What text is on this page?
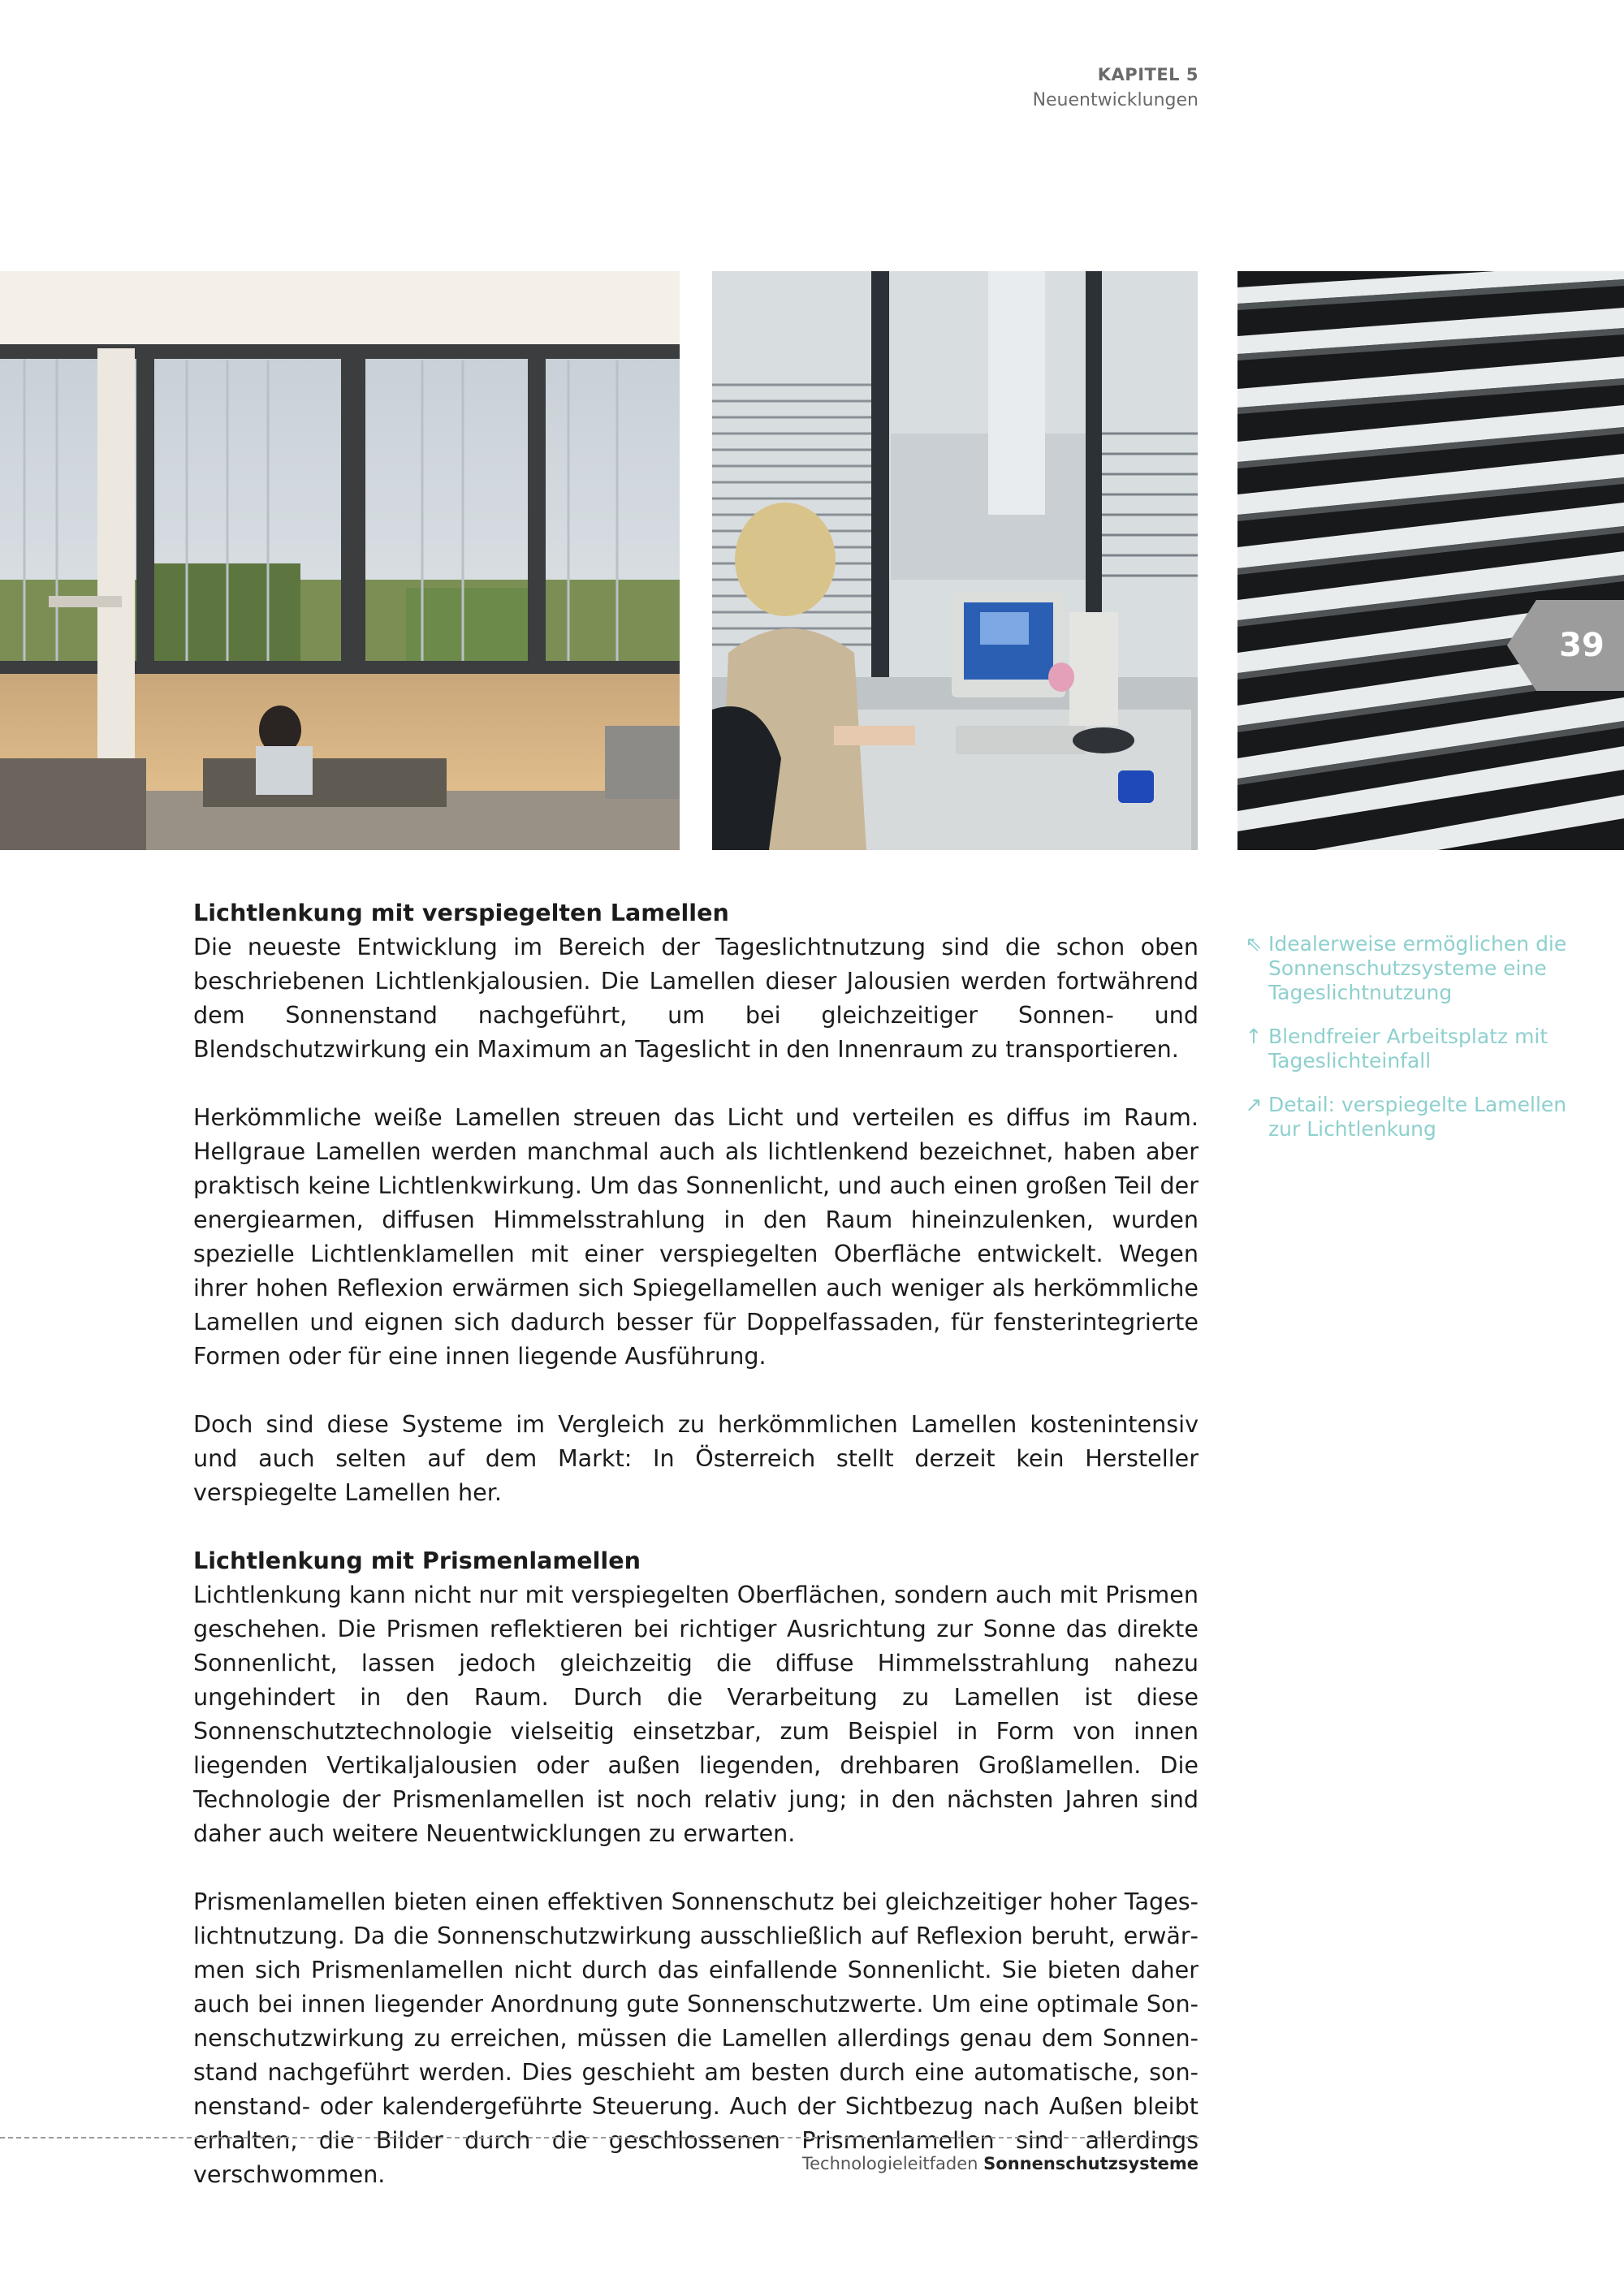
KAPITEL 5
Neuentwicklungen
39
Lichtlenkung mit verspiegelten Lamellen

Die neueste Entwicklung im Bereich der Tageslichtnutzung sind die schon oben beschriebenen Lichtlenkjalousien. Die Lamellen dieser Jalousien werden fortwährend dem Sonnenstand nachgeführt, um bei gleichzeitiger Sonnen- und Blendschutzwirkung ein Maximum an Tageslicht in den Innenraum zu transportieren.

Herkömmliche weiße Lamellen streuen das Licht und verteilen es diffus im Raum. Hellgraue Lamellen werden manchmal auch als lichtlenkend bezeichnet, haben aber praktisch keine Lichtlenkwirkung. Um das Sonnenlicht, und auch einen großen Teil der energiearmen, diffusen Himmelsstrahlung in den Raum hineinzulenken, wurden spezielle Lichtlenklamellen mit einer verspiegelten Oberfläche entwickelt. Wegen ihrer hohen Reflexion erwärmen sich Spiegellamellen auch weniger als herkömmliche Lamellen und eignen sich dadurch besser für Doppelfassaden, für fensterintegrierte Formen oder für eine innen liegende Ausführung.

Doch sind diese Systeme im Vergleich zu herkömmlichen Lamellen kostenintensiv und auch selten auf dem Markt: In Österreich stellt derzeit kein Hersteller verspiegelte Lamellen her.

Lichtlenkung mit Prismenlamellen

Lichtlenkung kann nicht nur mit verspiegelten Oberflächen, sondern auch mit Prismen geschehen. Die Prismen reflektieren bei richtiger Ausrichtung zur Sonne das direkte Sonnenlicht, lassen jedoch gleichzeitig die diffuse Himmelsstrahlung nahezu ungehindert in den Raum. Durch die Verarbeitung zu Lamellen ist diese Sonnenschutztechnologie vielseitig einsetzbar, zum Beispiel in Form von innen liegenden Vertikaljalousien oder außen liegenden, drehbaren Großlamellen. Die Technologie der Prismenlamellen ist noch relativ jung; in den nächsten Jahren sind daher auch weitere Neuentwicklungen zu erwarten.

Prismenlamellen bieten einen effektiven Sonnenschutz bei gleichzeitiger hoher Tageslichtnutzung. Da die Sonnenschutzwirkung ausschließlich auf Reflexion beruht, erwärmen sich Prismenlamellen nicht durch das einfallende Sonnenlicht. Sie bieten daher auch bei innen liegender Anordnung gute Sonnenschutzwerte. Um eine optimale Sonnenschutzwirkung zu erreichen, müssen die Lamellen allerdings genau dem Sonnenstand nachgeführt werden. Dies geschieht am besten durch eine automatische, sonnenstand- oder kalendergeführte Steuerung. Auch der Sichtbezug nach Außen bleibt erhalten, die Bilder durch die geschlossenen Prismenlamellen sind allerdings verschwommen.

⇖ Idealerweise ermöglichen die Sonnenschutzsysteme eine Tageslichtnutzung
↑ Blendfreier Arbeitsplatz mit Tageslichteinfall
↗ Detail: verspiegelte Lamellen zur Lichtlenkung
Technologieleitfaden Sonnenschutzsysteme
